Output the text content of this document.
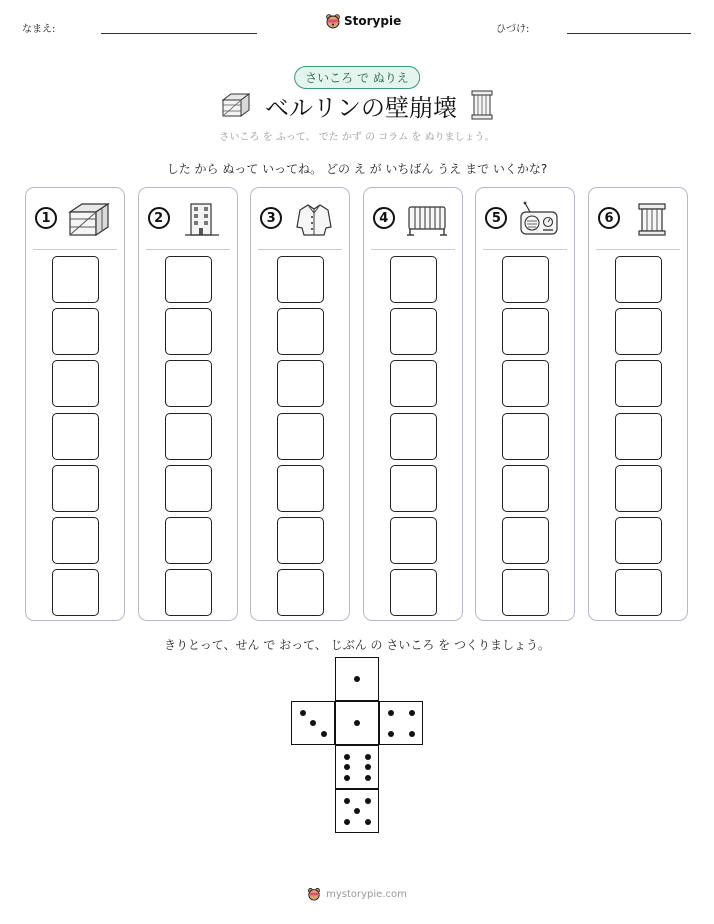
なまえ:
Storypie
ひづけ:
さいころ で ぬりえ
ベルリンの壁崩壊
さいころ を ふって、 でた かず の コラム を ぬりましょう。
した から ぬって いってね。 どの え が いちばん うえ まで いくかな?
1	2	3	4	5	6
きりとって、せん で おって、 じぶん の さいころ を つくりましょう。
mystorypie.com
